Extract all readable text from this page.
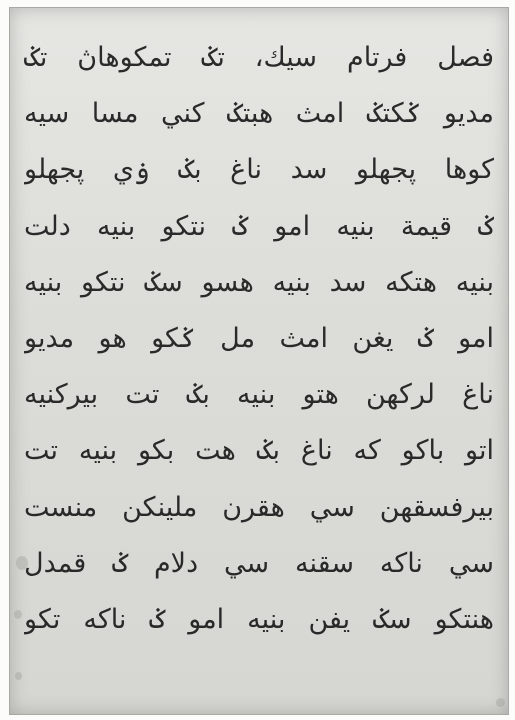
فصل فرتام سيك، تݢ تمكوهاڽ تݢ
مديو ݢكتݢ امث هبتݢ كني مسا سيه
كوها ڽجهلو سد ناغ بݢ ۏي ڽجهلو
ݢ قيمة بنيه امو ݢ نتكو بنيه دلت
بنيه هتكه سد بنيه هسو سݢ نتكو بنيه
امو ݢ يغن امث مل ݢكو هو مديو
ناغ لركهن هتو بنيه بݢ تت بيركنيه
اتو باكو كه ناغ بݢ هت بكو بنيه تت
بيرفسقهن سي هقرن ملينكن منست
سي ناكه سقنه سي دلام ݢ قمدل
هنتكو سݢ يفن بنيه امو ݢ ناكه تكو
